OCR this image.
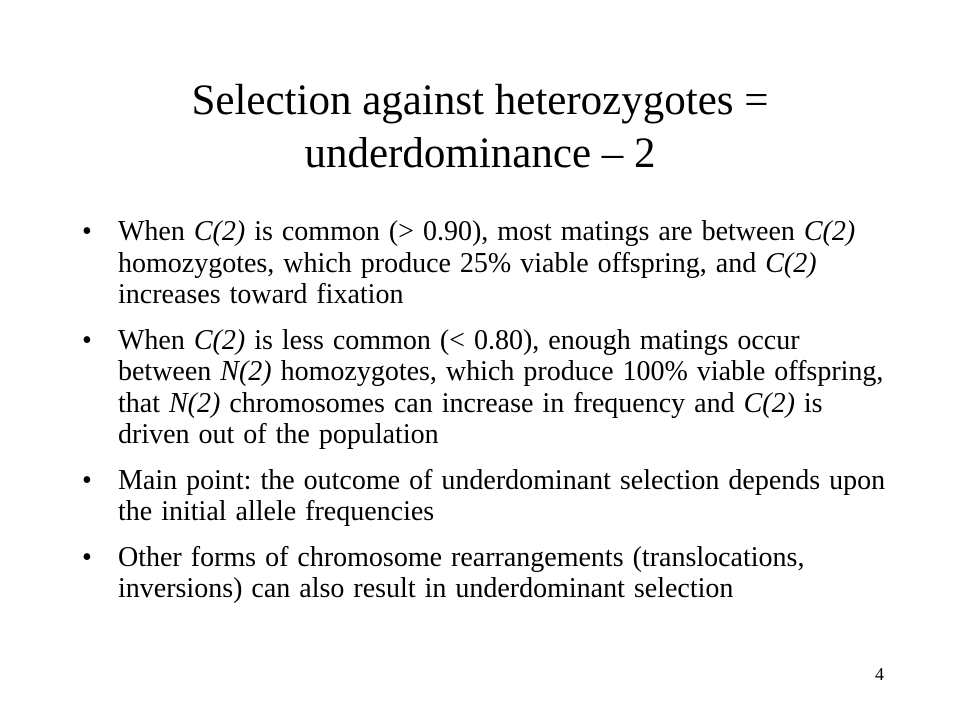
Selection against heterozygotes =
underdominance – 2
• When C(2) is common (> 0.90), most matings are between C(2) homozygotes, which produce 25% viable offspring, and C(2) increases toward fixation
• When C(2) is less common (< 0.80), enough matings occur between N(2) homozygotes, which produce 100% viable offspring, that N(2) chromosomes can increase in frequency and C(2) is driven out of the population
• Main point: the outcome of underdominant selection depends upon the initial allele frequencies
• Other forms of chromosome rearrangements (translocations, inversions) can also result in underdominant selection
4
